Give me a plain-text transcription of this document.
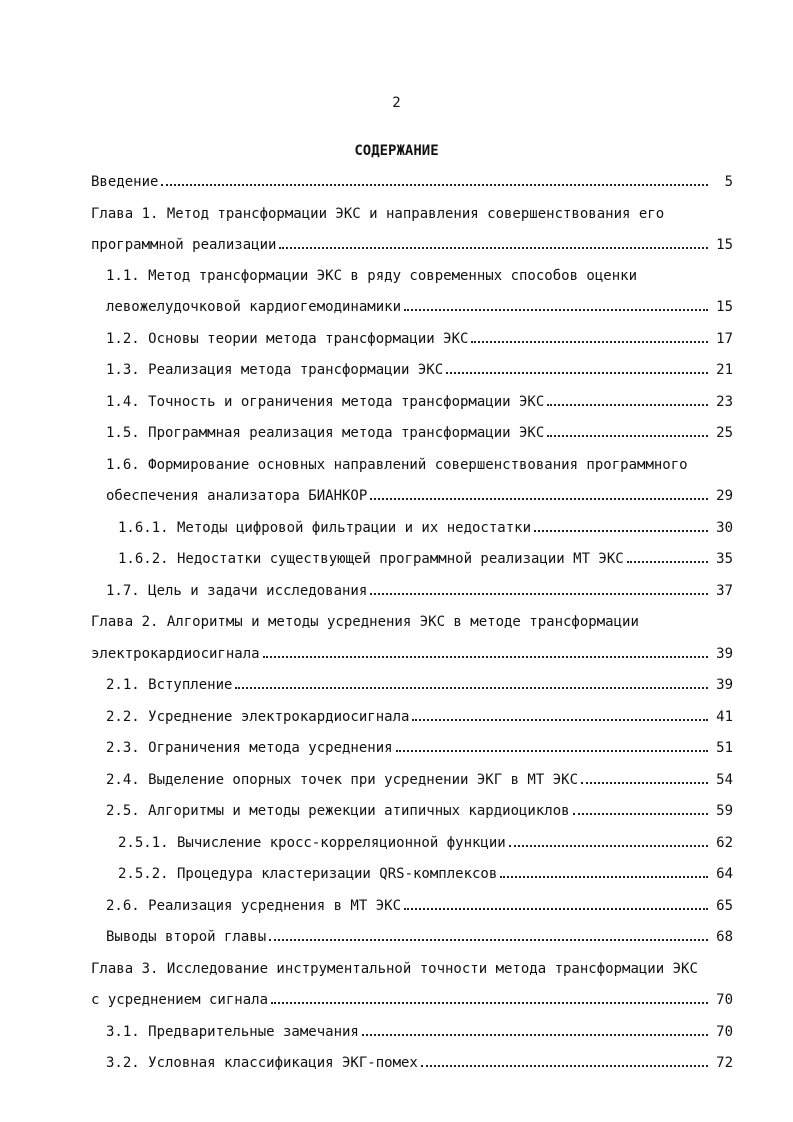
2
СОДЕРЖАНИЕ
Введение	5
Глава 1. Метод трансформации ЭКС и направления совершенствования его
программной реализации	15
1.1. Метод трансформации ЭКС в ряду современных способов оценки
левожелудочковой кардиогемодинамики	15
1.2. Основы теории метода трансформации ЭКС	17
1.3. Реализация метода трансформации ЭКС	21
1.4. Точность и ограничения метода трансформации ЭКС	23
1.5. Программная реализация метода трансформации ЭКС	25
1.6. Формирование основных направлений совершенствования программного
обеспечения анализатора БИАНКОР	29
1.6.1. Методы цифровой фильтрации и их недостатки	30
1.6.2. Недостатки существующей программной реализации МТ ЭКС	35
1.7. Цель и задачи исследования	37
Глава 2. Алгоритмы и методы усреднения ЭКС в методе трансформации
электрокардиосигнала	39
2.1. Вступление	39
2.2. Усреднение электрокардиосигнала	41
2.3. Ограничения метода усреднения	51
2.4. Выделение опорных точек при усреднении ЭКГ в МТ ЭКС	54
2.5. Алгоритмы и методы режекции атипичных кардиоциклов	59
2.5.1. Вычисление кросс-корреляционной функции	62
2.5.2. Процедура кластеризации QRS-комплексов	64
2.6. Реализация усреднения в МТ ЭКС	65
Выводы второй главы	68
Глава 3. Исследование инструментальной точности метода трансформации ЭКС
с усреднением сигнала	70
3.1. Предварительные замечания	70
3.2. Условная классификация ЭКГ-помех	72
